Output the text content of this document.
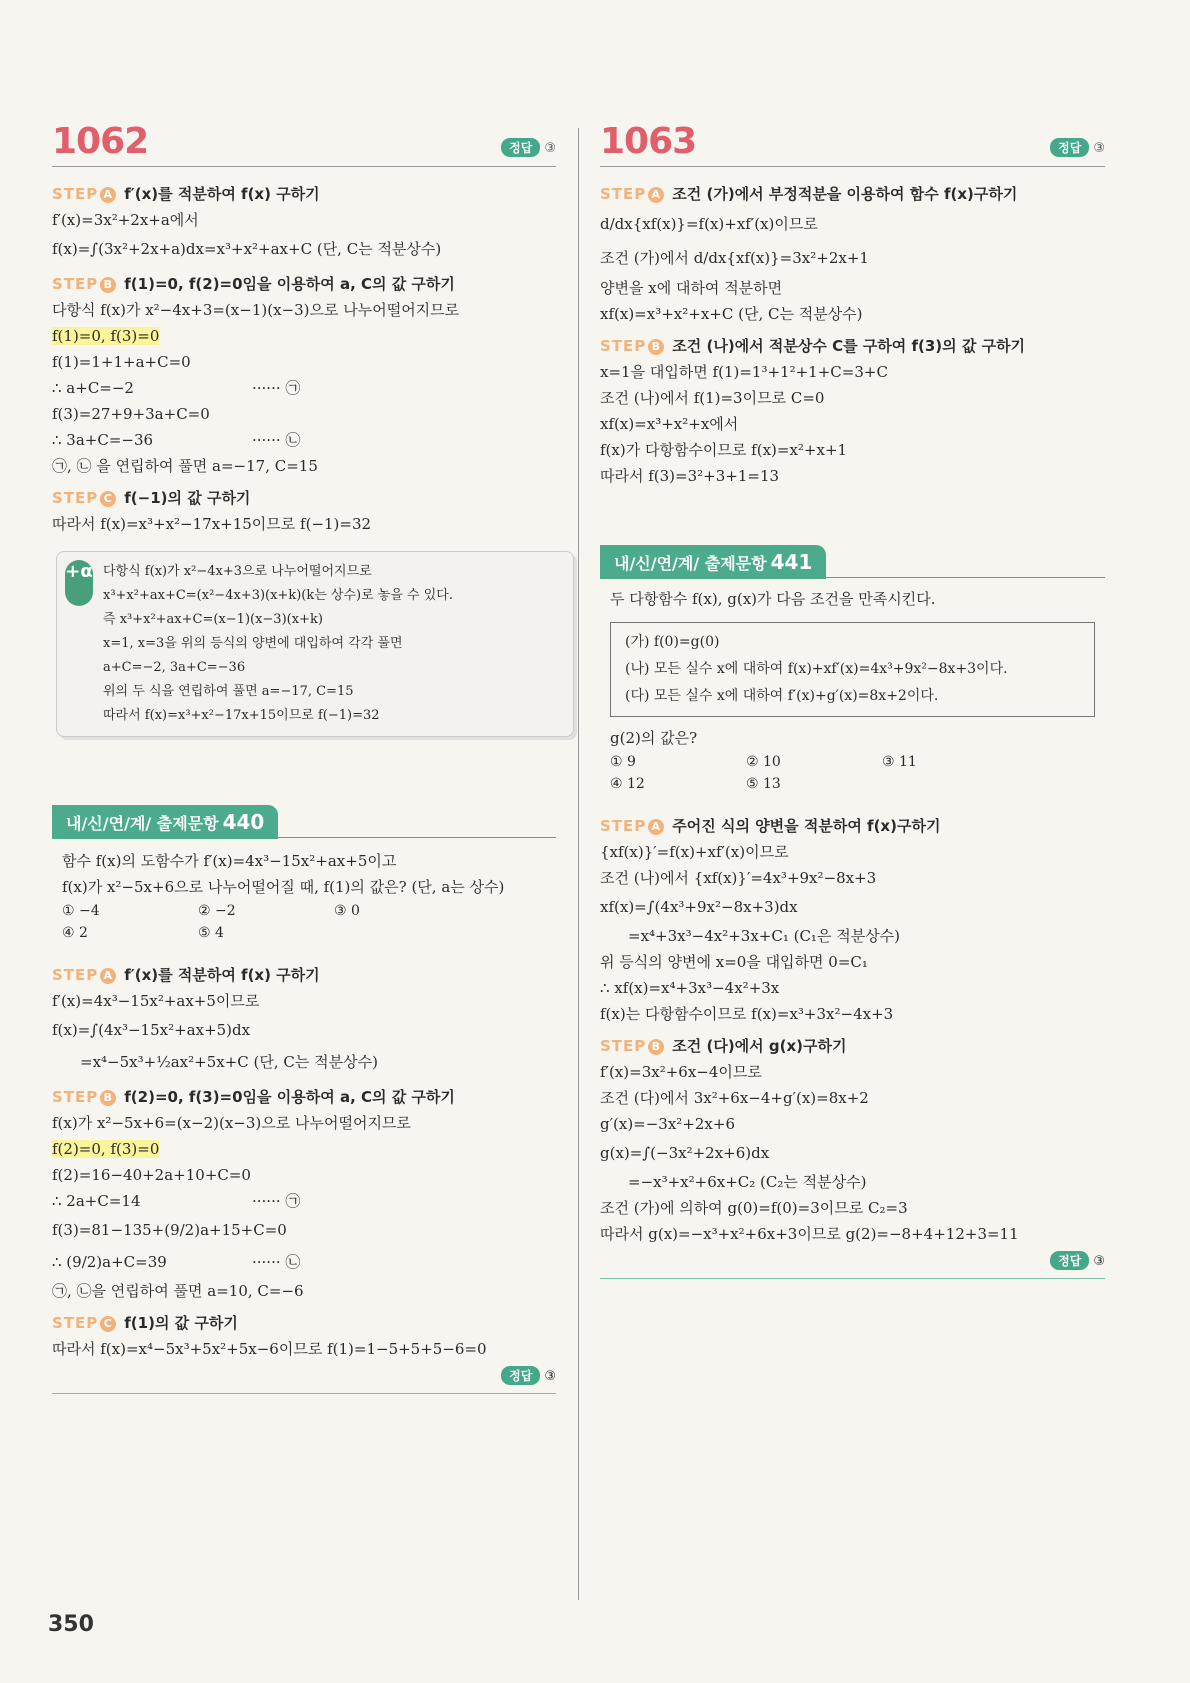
1062	정답 ③
STEP A f′(x)를 적분하여 f(x) 구하기
f′(x)=3x²+2x+a에서
f(x)=∫(3x²+2x+a)dx=x³+x²+ax+C (단, C는 적분상수)
STEP B f(1)=0, f(2)=0임을 이용하여 a, C의 값 구하기
다항식 f(x)가 x²−4x+3=(x−1)(x−3)으로 나누어떨어지므로
f(1)=0, f(3)=0
f(1)=1+1+a+C=0
∴ a+C=−2	······ ㉠
f(3)=27+9+3a+C=0
∴ 3a+C=−36	······ ㉡
㉠, ㉡ 을 연립하여 풀면 a=−17, C=15
STEP C f(−1)의 값 구하기
따라서 f(x)=x³+x²−17x+15이므로 f(−1)=32
+α 다항식 f(x)가 x²−4x+3으로 나누어떨어지므로
x³+x²+ax+C=(x²−4x+3)(x+k)(k는 상수)로 놓을 수 있다.
즉 x³+x²+ax+C=(x−1)(x−3)(x+k)
x=1, x=3을 위의 등식의 양변에 대입하여 각각 풀면
a+C=−2, 3a+C=−36
위의 두 식을 연립하여 풀면 a=−17, C=15
따라서 f(x)=x³+x²−17x+15이므로 f(−1)=32
내/신/연/계/ 출제문항 440
함수 f(x)의 도함수가 f′(x)=4x³−15x²+ax+5이고
f(x)가 x²−5x+6으로 나누어떨어질 때, f(1)의 값은? (단, a는 상수)
① −4	② −2	③ 0
④ 2	⑤ 4
STEP A f′(x)를 적분하여 f(x) 구하기
f′(x)=4x³−15x²+ax+5이므로
f(x)=∫(4x³−15x²+ax+5)dx
=x⁴−5x³+½ax²+5x+C (단, C는 적분상수)
STEP B f(2)=0, f(3)=0임을 이용하여 a, C의 값 구하기
f(x)가 x²−5x+6=(x−2)(x−3)으로 나누어떨어지므로
f(2)=0, f(3)=0
f(2)=16−40+2a+10+C=0
∴ 2a+C=14	······ ㉠
f(3)=81−135+(9/2)a+15+C=0
∴ (9/2)a+C=39	······ ㉡
㉠, ㉡을 연립하여 풀면 a=10, C=−6
STEP C f(1)의 값 구하기
따라서 f(x)=x⁴−5x³+5x²+5x−6이므로 f(1)=1−5+5+5−6=0
정답 ③
1063	정답 ③
STEP A 조건 (가)에서 부정적분을 이용하여 함수 f(x)구하기
d/dx{xf(x)}=f(x)+xf′(x)이므로
조건 (가)에서 d/dx{xf(x)}=3x²+2x+1
양변을 x에 대하여 적분하면
xf(x)=x³+x²+x+C (단, C는 적분상수)
STEP B 조건 (나)에서 적분상수 C를 구하여 f(3)의 값 구하기
x=1을 대입하면 f(1)=1³+1²+1+C=3+C
조건 (나)에서 f(1)=3이므로 C=0
xf(x)=x³+x²+x에서
f(x)가 다항함수이므로 f(x)=x²+x+1
따라서 f(3)=3²+3+1=13
내/신/연/계/ 출제문항 441
두 다항함수 f(x), g(x)가 다음 조건을 만족시킨다.
(가) f(0)=g(0)
(나) 모든 실수 x에 대하여 f(x)+xf′(x)=4x³+9x²−8x+3이다.
(다) 모든 실수 x에 대하여 f′(x)+g′(x)=8x+2이다.
g(2)의 값은?
① 9	② 10	③ 11
④ 12	⑤ 13
STEP A 주어진 식의 양변을 적분하여 f(x)구하기
{xf(x)}′=f(x)+xf′(x)이므로
조건 (나)에서 {xf(x)}′=4x³+9x²−8x+3
xf(x)=∫(4x³+9x²−8x+3)dx
=x⁴+3x³−4x²+3x+C₁ (C₁은 적분상수)
위 등식의 양변에 x=0을 대입하면 0=C₁
∴ xf(x)=x⁴+3x³−4x²+3x
f(x)는 다항함수이므로 f(x)=x³+3x²−4x+3
STEP B 조건 (다)에서 g(x)구하기
f′(x)=3x²+6x−4이므로
조건 (다)에서 3x²+6x−4+g′(x)=8x+2
g′(x)=−3x²+2x+6
g(x)=∫(−3x²+2x+6)dx
=−x³+x²+6x+C₂ (C₂는 적분상수)
조건 (가)에 의하여 g(0)=f(0)=3이므로 C₂=3
따라서 g(x)=−x³+x²+6x+3이므로 g(2)=−8+4+12+3=11
정답 ③
350
